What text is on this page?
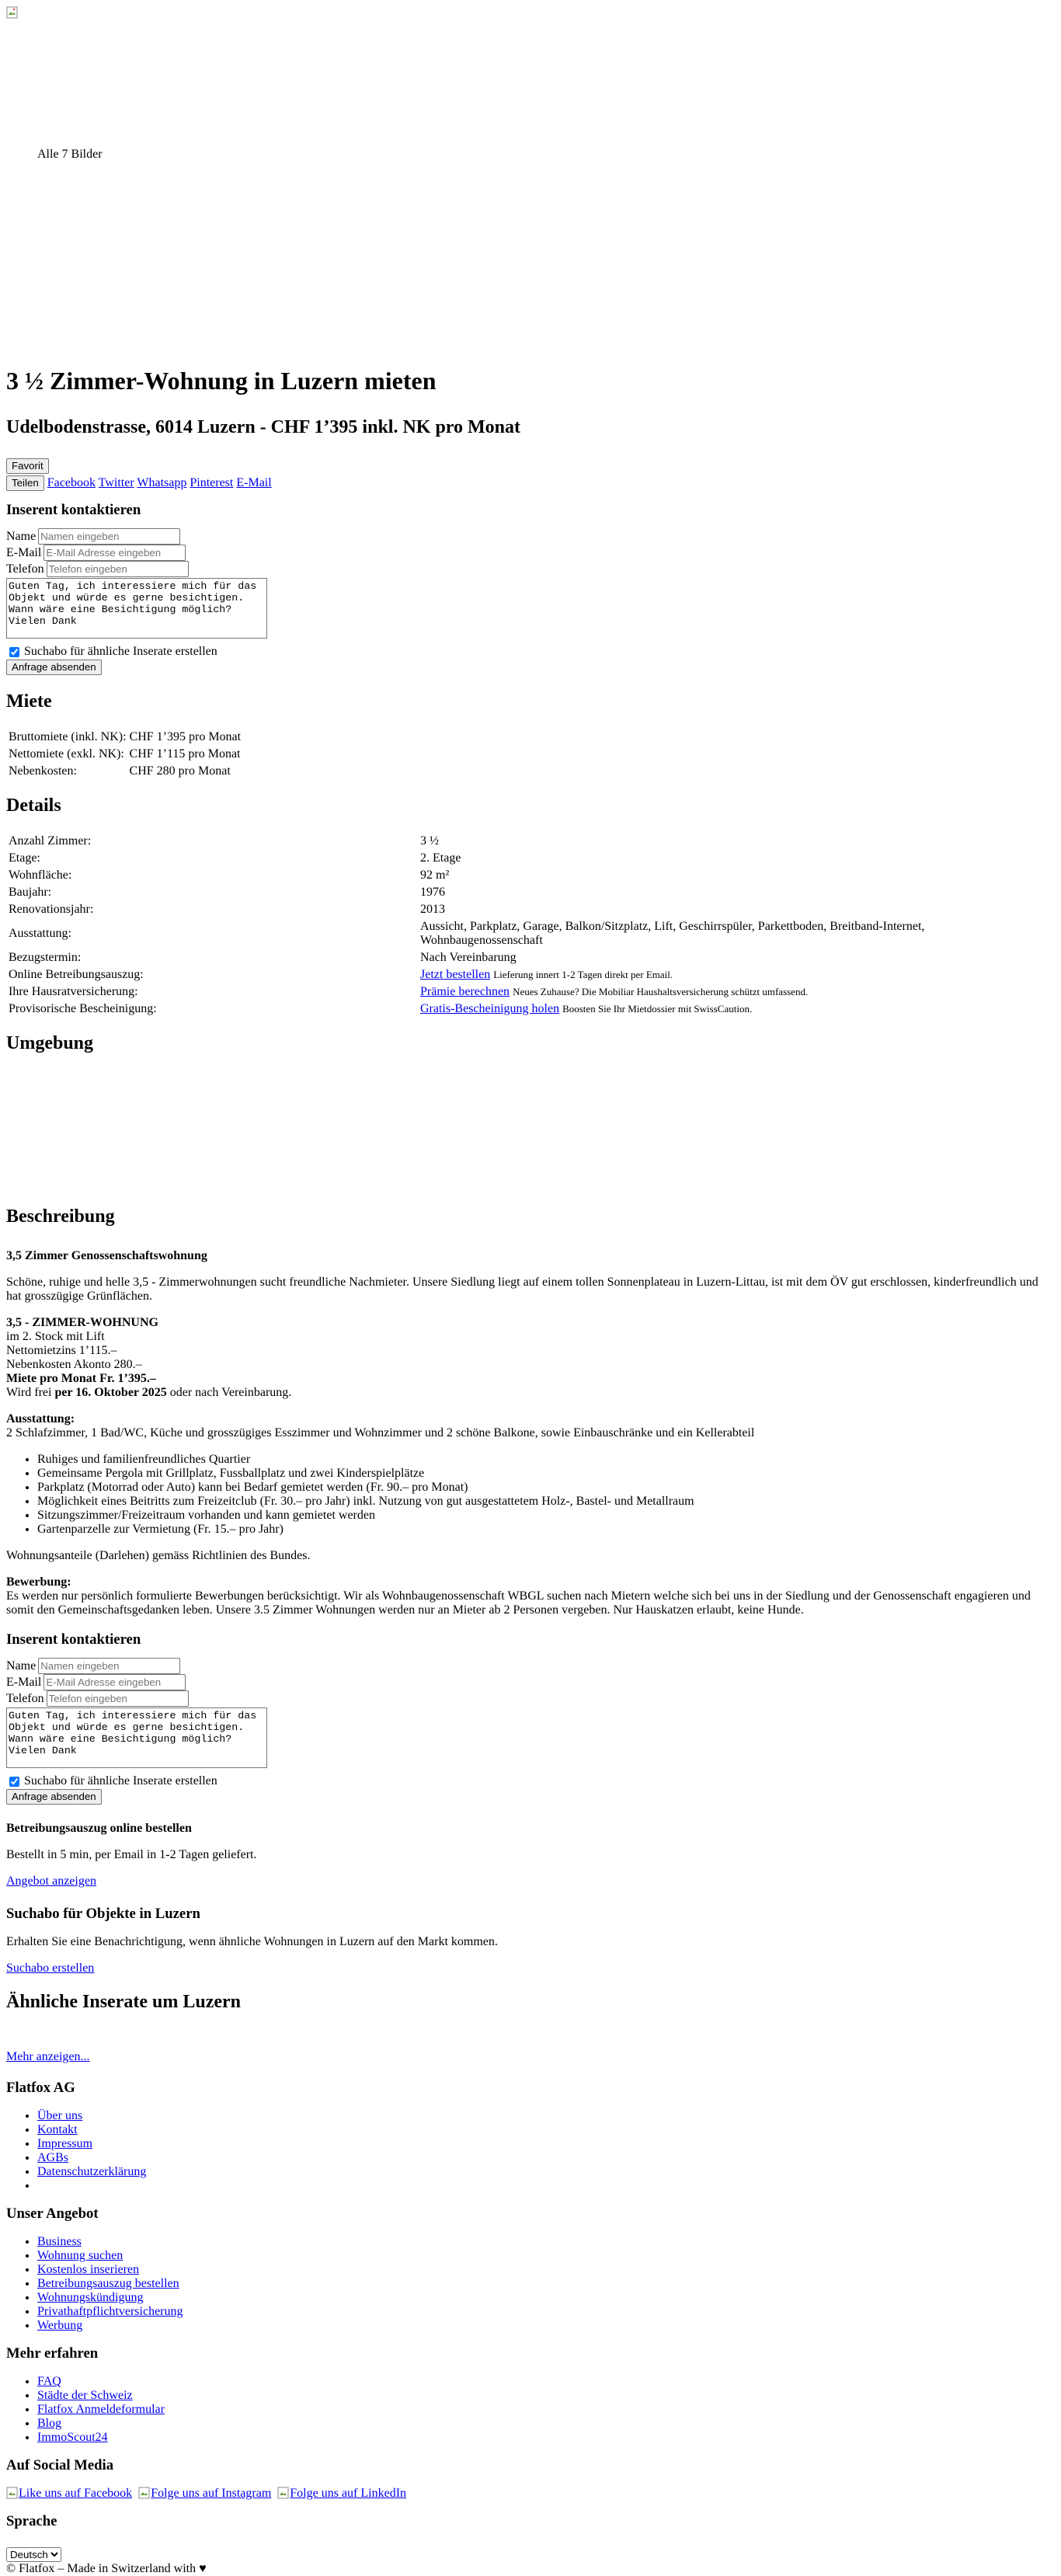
Alle 7 Bilder
3 ½ Zimmer-Wohnung in Luzern mieten
Udelbodenstrasse, 6014 Luzern - CHF 1’395 inkl. NK pro Monat
Favorit
Teilen Facebook Twitter Whatsapp Pinterest E-Mail
Inserent kontaktieren
Name
Namen eingeben
E-Mail
E-Mail Adresse eingeben
Telefon
Telefon eingeben
Guten Tag, ich interessiere mich für das Objekt und würde es gerne besichtigen. Wann wäre eine Besichtigung möglich? Vielen Dank
Suchabo für ähnliche Inserate erstellen
Anfrage absenden
Miete
Bruttomiete (inkl. NK):	CHF 1’395 pro Monat
Nettomiete (exkl. NK):	CHF 1’115 pro Monat
Nebenkosten:	CHF 280 pro Monat
Details
Anzahl Zimmer:	3 ½
Etage:	2. Etage
Wohnfläche:	92 m²
Baujahr:	1976
Renovationsjahr:	2013
Ausstattung:	Aussicht, Parkplatz, Garage, Balkon/Sitzplatz, Lift, Geschirrspüler, Parkettboden, Breitband-Internet, Wohnbaugenossenschaft
Bezugstermin:	Nach Vereinbarung
Online Betreibungsauszug:	Jetzt bestellen Lieferung innert 1-2 Tagen direkt per Email.
Ihre Hausratversicherung:	Prämie berechnen Neues Zuhause? Die Mobiliar Haushaltsversicherung schützt umfassend.
Provisorische Bescheinigung:	Gratis-Bescheinigung holen Boosten Sie Ihr Mietdossier mit SwissCaution.
Umgebung
Beschreibung
3,5 Zimmer Genossenschaftswohnung

Schöne, ruhige und helle 3,5 - Zimmerwohnungen sucht freundliche Nachmieter. Unsere Siedlung liegt auf einem tollen Sonnenplateau in Luzern-Littau, ist mit dem ÖV gut erschlossen, kinderfreundlich und hat grosszügige Grünflächen.

3,5 - ZIMMER-WOHNUNG
im 2. Stock mit Lift
Nettomietzins 1’115.–
Nebenkosten Akonto 280.–
Miete pro Monat Fr. 1’395.–
Wird frei per 16. Oktober 2025 oder nach Vereinbarung.
Ausstattung:
2 Schlafzimmer, 1 Bad/WC, Küche und grosszügiges Esszimmer und Wohnzimmer und 2 schöne Balkone, sowie Einbauschränke und ein Kellerabteil
• Ruhiges und familienfreundliches Quartier
• Gemeinsame Pergola mit Grillplatz, Fussballplatz und zwei Kinderspielplätze
• Parkplatz (Motorrad oder Auto) kann bei Bedarf gemietet werden (Fr. 90.– pro Monat)
• Möglichkeit eines Beitritts zum Freizeitclub (Fr. 30.– pro Jahr) inkl. Nutzung von gut ausgestattetem Holz-, Bastel- und Metallraum
• Sitzungszimmer/Freizeitraum vorhanden und kann gemietet werden
• Gartenparzelle zur Vermietung (Fr. 15.– pro Jahr)

Wohnungsanteile (Darlehen) gemäss Richtlinien des Bundes.

Bewerbung:
Es werden nur persönlich formulierte Bewerbungen berücksichtigt. Wir als Wohnbaugenossenschaft WBGL suchen nach Mietern welche sich bei uns in der Siedlung und der Genossenschaft engagieren und somit den Gemeinschaftsgedanken leben. Unsere 3.5 Zimmer Wohnungen werden nur an Mieter ab 2 Personen vergeben. Nur Hauskatzen erlaubt, keine Hunde.
Inserent kontaktieren
Name
Namen eingeben
E-Mail
E-Mail Adresse eingeben
Telefon
Telefon eingeben
Guten Tag, ich interessiere mich für das Objekt und würde es gerne besichtigen. Wann wäre eine Besichtigung möglich? Vielen Dank
Suchabo für ähnliche Inserate erstellen
Anfrage absenden
Betreibungsauszug online bestellen

Bestellt in 5 min, per Email in 1-2 Tagen geliefert.

Angebot anzeigen
Suchabo für Objekte in Luzern

Erhalten Sie eine Benachrichtigung, wenn ähnliche Wohnungen in Luzern auf den Markt kommen.

Suchabo erstellen
Ähnliche Inserate um Luzern
Mehr anzeigen...
Flatfox AG
• Über uns
• Kontakt
• Impressum
• AGBs
• Datenschutzerklärung
•
Unser Angebot
• Business
• Wohnung suchen
• Kostenlos inserieren
• Betreibungsauszug bestellen
• Wohnungskündigung
• Privathaftpflichtversicherung
• Werbung
Mehr erfahren
• FAQ
• Städte der Schweiz
• Flatfox Anmeldeformular
• Blog
• ImmoScout24
Auf Social Media
Like uns auf Facebook Folge uns auf Instagram Folge uns auf LinkedIn
Sprache
Deutsch
© Flatfox – Made in Switzerland with ♥
